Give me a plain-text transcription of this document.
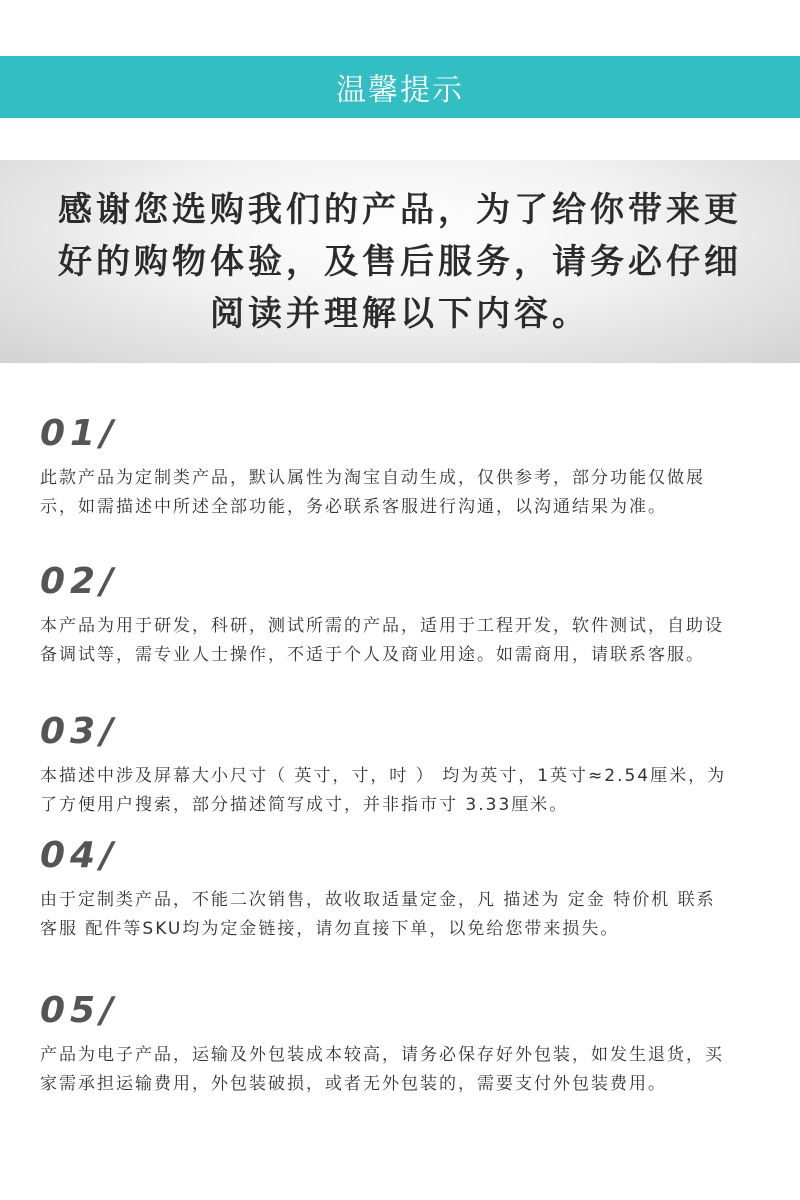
温馨提示

感谢您选购我们的产品，为了给你带来更好的购物体验，及售后服务，请务必仔细阅读并理解以下内容。

01/

此款产品为定制类产品，默认属性为淘宝自动生成，仅供参考，部分功能仅做展示，如需描述中所述全部功能，务必联系客服进行沟通，以沟通结果为准。

02/

本产品为用于研发，科研，测试所需的产品，适用于工程开发，软件测试，自助设备调试等，需专业人士操作，不适于个人及商业用途。如需商用，请联系客服。

03/

本描述中涉及屏幕大小尺寸（ 英寸，寸，吋 ） 均为英寸，1英寸≈2.54厘米，为了方便用户搜索，部分描述简写成寸，并非指市寸 3.33厘米。

04/

由于定制类产品，不能二次销售，故收取适量定金，凡 描述为 定金 特价机 联系客服 配件等SKU均为定金链接，请勿直接下单，以免给您带来损失。

05/

产品为电子产品，运输及外包装成本较高，请务必保存好外包装，如发生退货，买家需承担运输费用，外包装破损，或者无外包装的，需要支付外包装费用。
